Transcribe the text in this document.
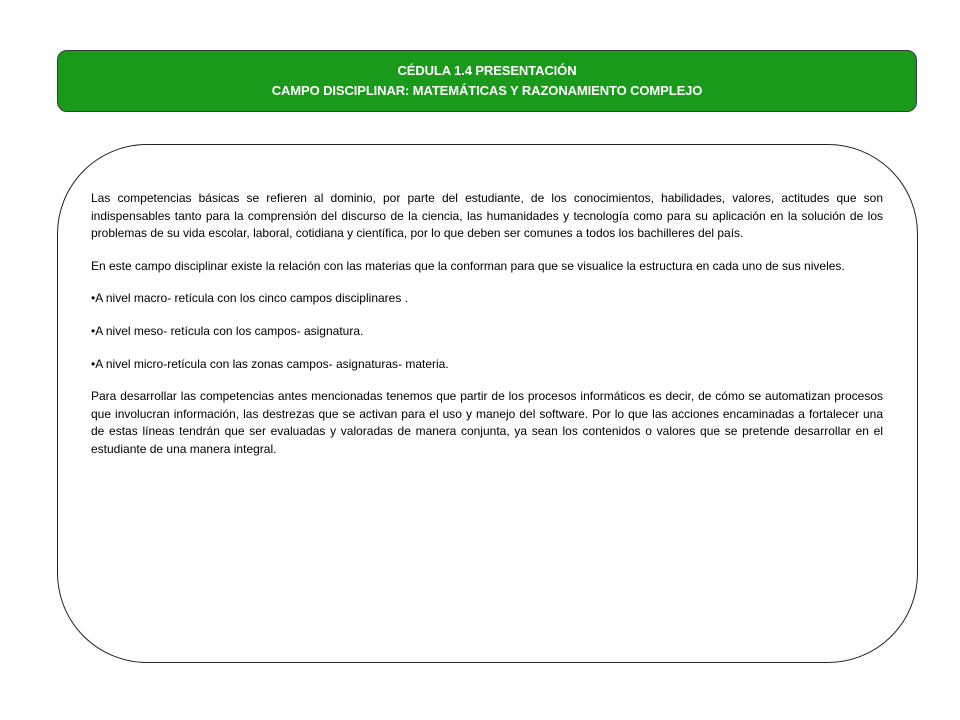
CÉDULA 1.4 PRESENTACIÓN
CAMPO DISCIPLINAR: MATEMÁTICAS Y RAZONAMIENTO COMPLEJO

Las competencias básicas se refieren al dominio, por parte del estudiante, de los conocimientos, habilidades, valores, actitudes que son indispensables tanto para la comprensión del discurso de la ciencia, las humanidades y tecnología como para su aplicación en la solución de los problemas de su vida escolar, laboral, cotidiana y científica, por lo que deben ser comunes a todos los bachilleres del país.

En este campo disciplinar existe la relación con las materias que la conforman para que se visualice la estructura en cada uno de sus niveles.

•A nivel macro- retícula con los cinco campos disciplinares .

•A nivel meso- retícula con los campos- asignatura.

•A nivel micro-retícula con las zonas campos- asignaturas- materia.

Para desarrollar las competencias antes mencionadas tenemos que partir de los procesos informáticos es decir, de cómo se automatizan procesos que involucran información, las destrezas que se activan para el uso y manejo del software. Por lo que las acciones encaminadas a fortalecer una de estas líneas tendrán que ser evaluadas y valoradas de manera conjunta, ya sean los contenidos o valores que se pretende desarrollar en el estudiante de una manera integral.
